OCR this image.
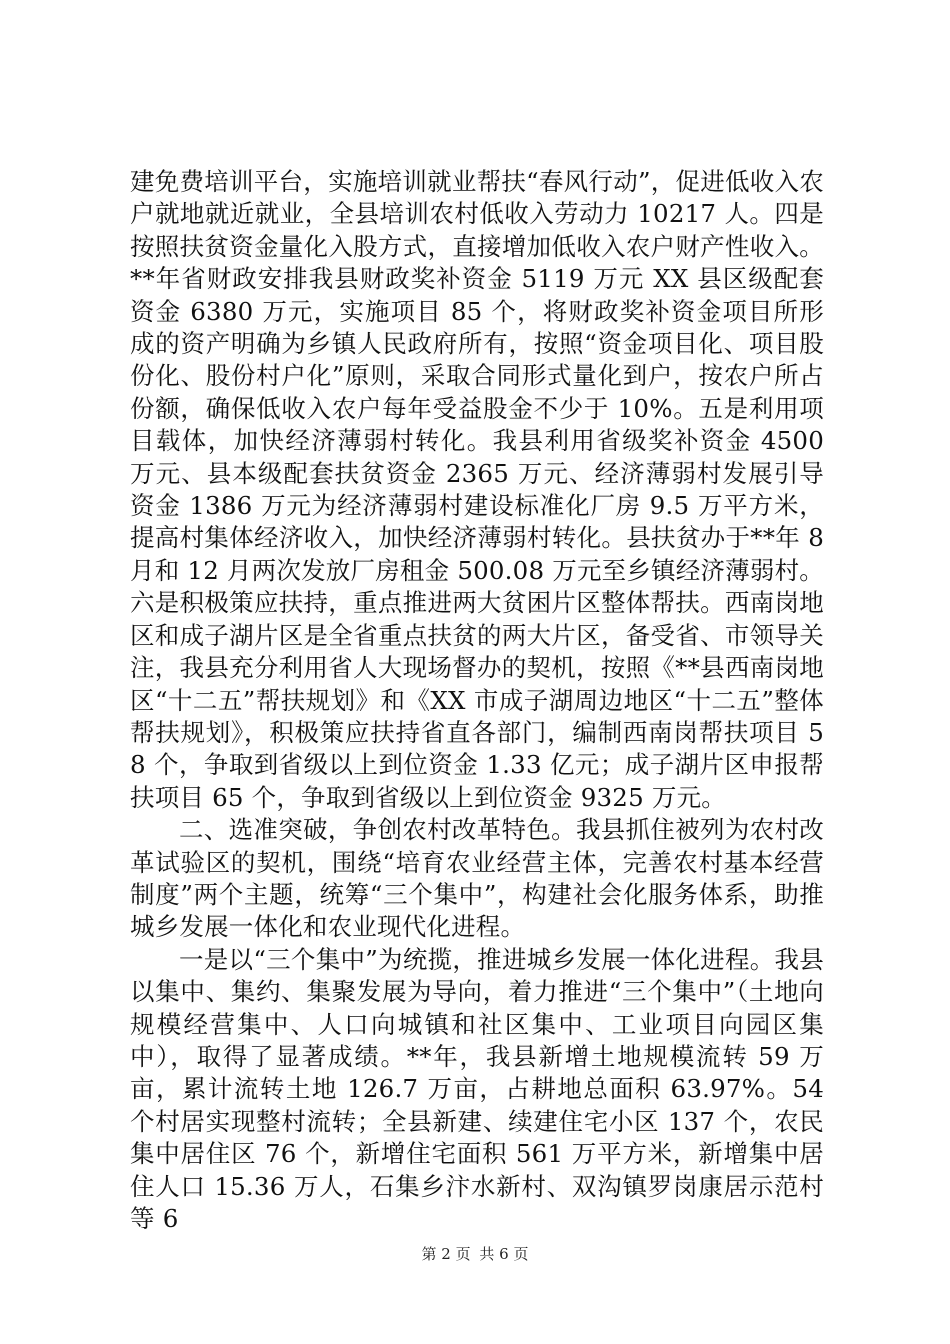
建免费培训平台，实施培训就业帮扶“春风行动”，促进低收入农户就地就近就业，全县培训农村低收入劳动力 10217 人。四是按照扶贫资金量化入股方式，直接增加低收入农户财产性收入。**年省财政安排我县财政奖补资金 5119 万元 XX 县区级配套资金 6380 万元，实施项目 85 个，将财政奖补资金项目所形成的资产明确为乡镇人民政府所有，按照“资金项目化、项目股份化、股份村户化”原则，采取合同形式量化到户，按农户所占份额，确保低收入农户每年受益股金不少于 10%。五是利用项目载体，加快经济薄弱村转化。我县利用省级奖补资金 4500 万元、县本级配套扶贫资金 2365 万元、经济薄弱村发展引导资金 1386 万元为经济薄弱村建设标准化厂房 9.5 万平方米，提高村集体经济收入，加快经济薄弱村转化。县扶贫办于**年 8 月和 12 月两次发放厂房租金 500.08 万元至乡镇经济薄弱村。六是积极策应扶持，重点推进两大贫困片区整体帮扶。西南岗地区和成子湖片区是全省重点扶贫的两大片区，备受省、市领导关注，我县充分利用省人大现场督办的契机，按照《**县西南岗地区“十二五”帮扶规划》和《XX 市成子湖周边地区“十二五”整体帮扶规划》，积极策应扶持省直各部门，编制西南岗帮扶项目 58 个，争取到省级以上到位资金 1.33 亿元；成子湖片区申报帮扶项目 65 个，争取到省级以上到位资金 9325 万元。

二、选准突破，争创农村改革特色。我县抓住被列为农村改革试验区的契机，围绕“培育农业经营主体，完善农村基本经营制度”两个主题，统筹“三个集中”，构建社会化服务体系，助推城乡发展一体化和农业现代化进程。

一是以“三个集中”为统揽，推进城乡发展一体化进程。我县以集中、集约、集聚发展为导向，着力推进“三个集中”（土地向规模经营集中、人口向城镇和社区集中、工业项目向园区集中），取得了显著成绩。**年，我县新增土地规模流转 59 万亩，累计流转土地 126.7 万亩，占耕地总面积 63.97%。54 个村居实现整村流转；全县新建、续建住宅小区 137 个，农民集中居住区 76 个，新增住宅面积 561 万平方米，新增集中居住人口 15.36 万人，石集乡汴水新村、双沟镇罗岗康居示范村等 6

第 2 页 共 6 页
